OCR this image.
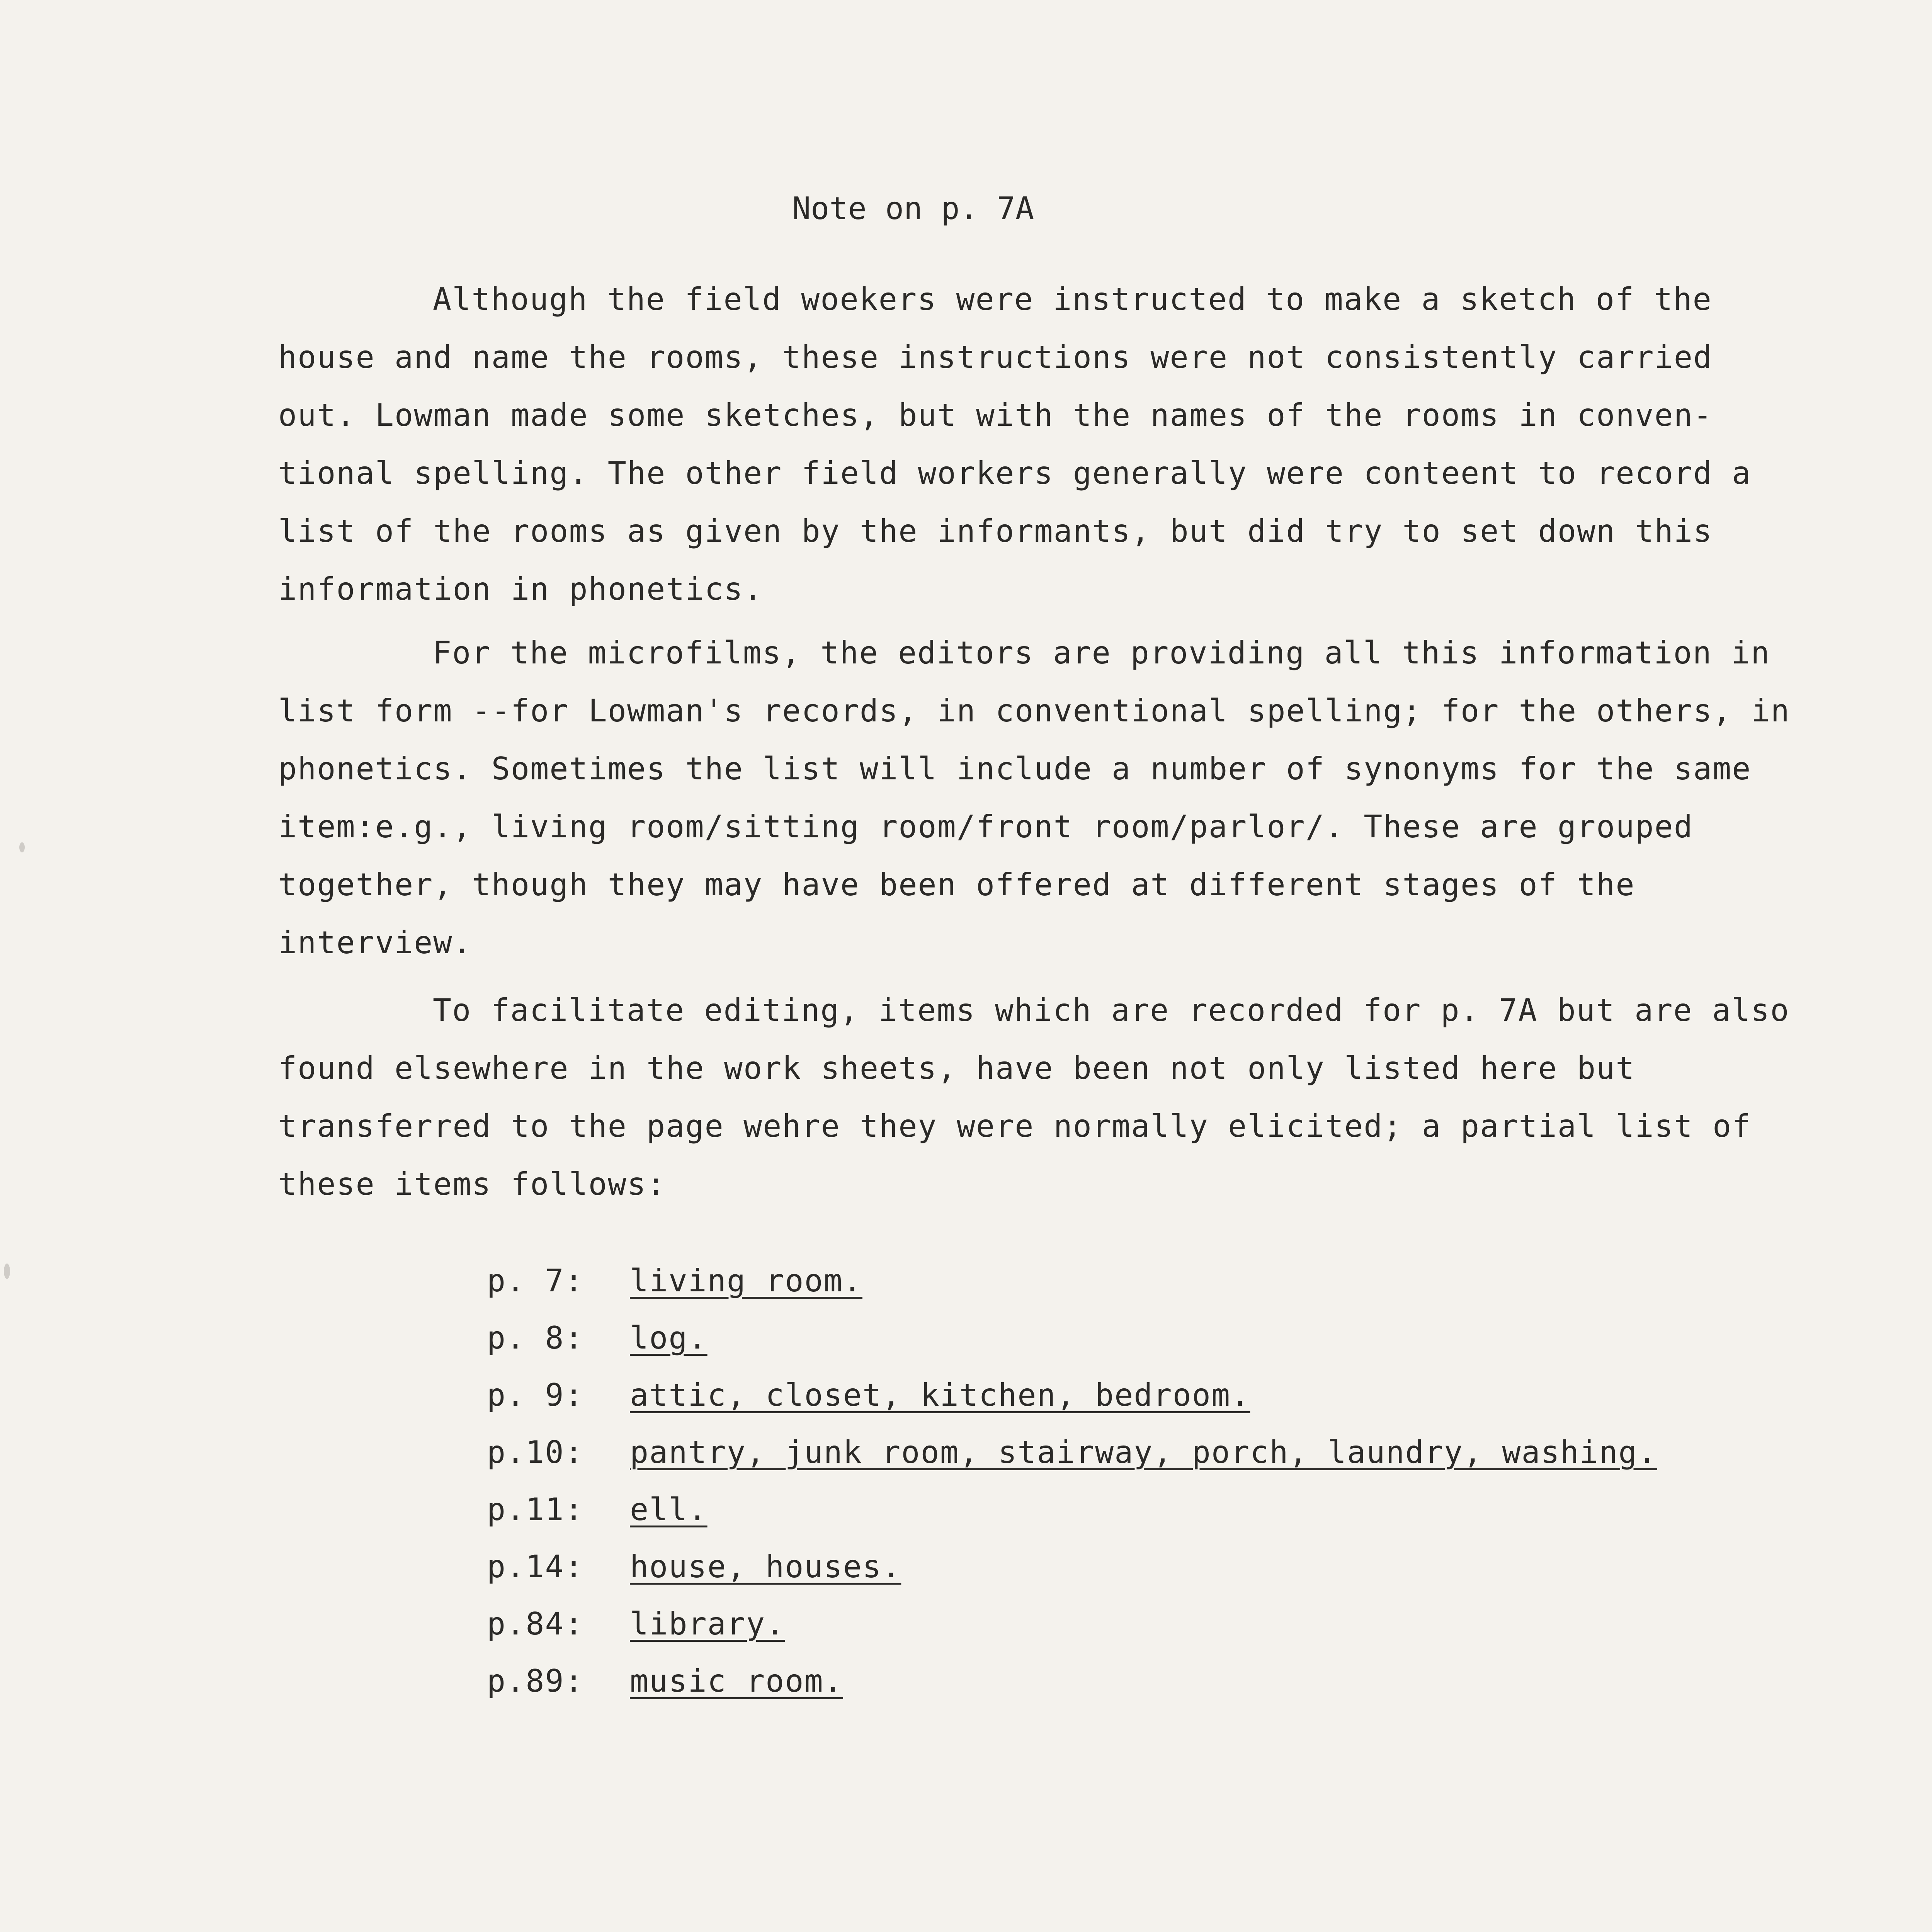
Note on p. 7A

Although the field woekers were instructed to make a sketch of the house and name the rooms, these instructions were not consistently carried out. Lowman made some sketches, but with the names of the rooms in conven-tional spelling. The other field workers generally were conteent to record a list of the rooms as given by the informants, but did try to set down this information in phonetics.

For the microfilms, the editors are providing all this information in list form --for Lowman's records, in conventional spelling; for the others, in phonetics. Sometimes the list will include a number of synonyms for the same item:e.g., living room/sitting room/front room/parlor/. These are grouped together, though they may have been offered at different stages of the interview.

To facilitate editing, items which are recorded for p. 7A but are also found elsewhere in the work sheets, have been not only listed here but transferred to the page wehre they were normally elicited; a partial list of these items follows:

p. 7:	living room.
p. 8:	log.
p. 9:	attic, closet, kitchen, bedroom.
p.10:	pantry, junk room, stairway, porch, laundry, washing.
p.11:	ell.
p.14:	house, houses.
p.84:	library.
p.89:	music room.
